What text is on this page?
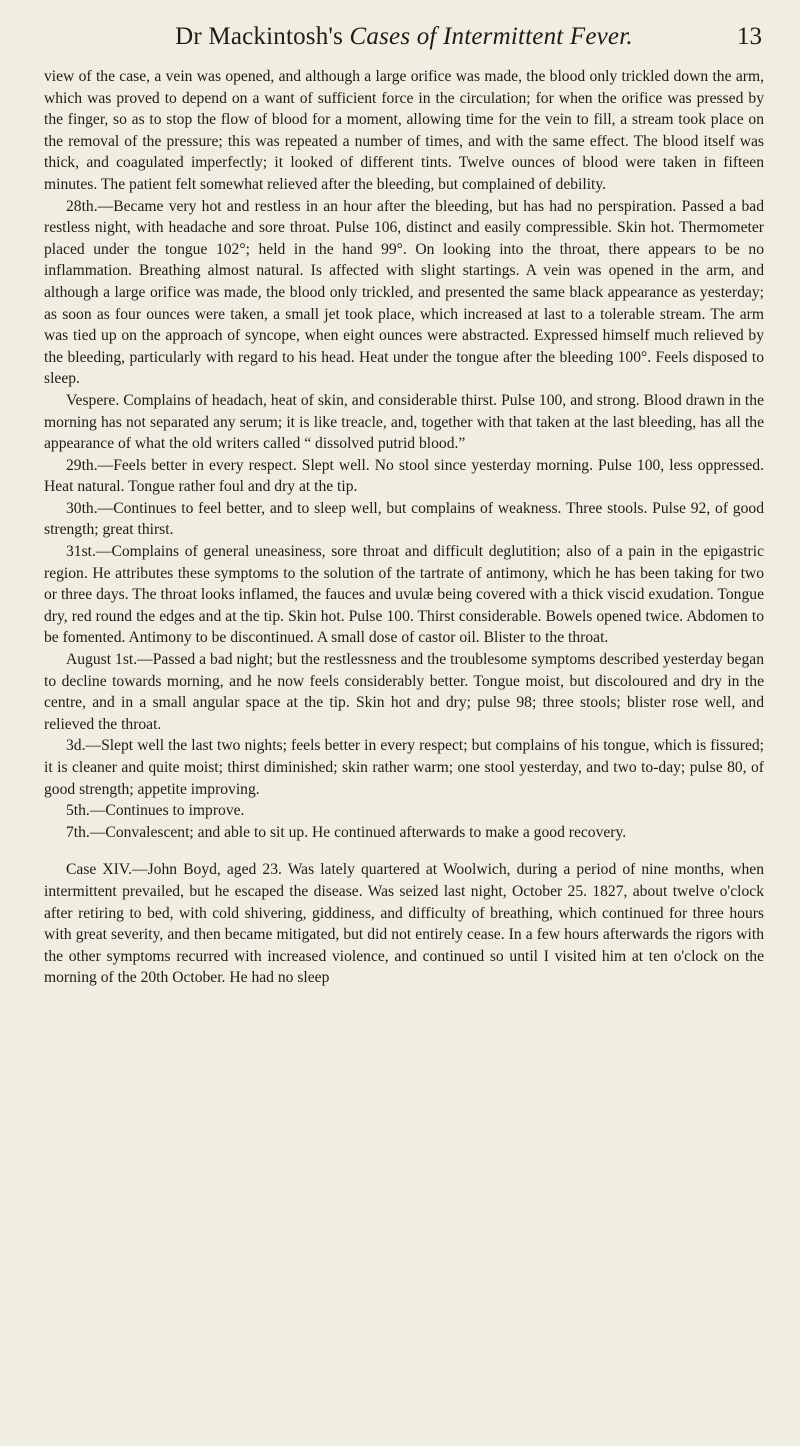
Dr Mackintosh's Cases of Intermittent Fever.	13

view of the case, a vein was opened, and although a large orifice was made, the blood only trickled down the arm, which was proved to depend on a want of sufficient force in the circulation; for when the orifice was pressed by the finger, so as to stop the flow of blood for a moment, allowing time for the vein to fill, a stream took place on the removal of the pressure; this was repeated a number of times, and with the same effect. The blood itself was thick, and coagulated imperfectly; it looked of different tints. Twelve ounces of blood were taken in fifteen minutes. The patient felt somewhat relieved after the bleeding, but complained of debility.

28th.—Became very hot and restless in an hour after the bleeding, but has had no perspiration. Passed a bad restless night, with headache and sore throat. Pulse 106, distinct and easily compressible. Skin hot. Thermometer placed under the tongue 102°; held in the hand 99°. On looking into the throat, there appears to be no inflammation. Breathing almost natural. Is affected with slight startings. A vein was opened in the arm, and although a large orifice was made, the blood only trickled, and presented the same black appearance as yesterday; as soon as four ounces were taken, a small jet took place, which increased at last to a tolerable stream. The arm was tied up on the approach of syncope, when eight ounces were abstracted. Expressed himself much relieved by the bleeding, particularly with regard to his head. Heat under the tongue after the bleeding 100°. Feels disposed to sleep.

Vespere. Complains of headach, heat of skin, and considerable thirst. Pulse 100, and strong. Blood drawn in the morning has not separated any serum; it is like treacle, and, together with that taken at the last bleeding, has all the appearance of what the old writers called “ dissolved putrid blood.”

29th.—Feels better in every respect. Slept well. No stool since yesterday morning. Pulse 100, less oppressed. Heat natural. Tongue rather foul and dry at the tip.

30th.—Continues to feel better, and to sleep well, but complains of weakness. Three stools. Pulse 92, of good strength; great thirst.

31st.—Complains of general uneasiness, sore throat and difficult deglutition; also of a pain in the epigastric region. He attributes these symptoms to the solution of the tartrate of antimony, which he has been taking for two or three days. The throat looks inflamed, the fauces and uvulæ being covered with a thick viscid exudation. Tongue dry, red round the edges and at the tip. Skin hot. Pulse 100. Thirst considerable. Bowels opened twice. Abdomen to be fomented. Antimony to be discontinued. A small dose of castor oil. Blister to the throat.

August 1st.—Passed a bad night; but the restlessness and the troublesome symptoms described yesterday began to decline towards morning, and he now feels considerably better. Tongue moist, but discoloured and dry in the centre, and in a small angular space at the tip. Skin hot and dry; pulse 98; three stools; blister rose well, and relieved the throat.

3d.—Slept well the last two nights; feels better in every respect; but complains of his tongue, which is fissured; it is cleaner and quite moist; thirst diminished; skin rather warm; one stool yesterday, and two to-day; pulse 80, of good strength; appetite improving.

5th.—Continues to improve.

7th.—Convalescent; and able to sit up. He continued afterwards to make a good recovery.

Case XIV.—John Boyd, aged 23. Was lately quartered at Woolwich, during a period of nine months, when intermittent prevailed, but he escaped the disease. Was seized last night, October 25. 1827, about twelve o'clock after retiring to bed, with cold shivering, giddiness, and difficulty of breathing, which continued for three hours with great severity, and then became mitigated, but did not entirely cease. In a few hours afterwards the rigors with the other symptoms recurred with increased violence, and continued so until I visited him at ten o'clock on the morning of the 20th October. He had no sleep
